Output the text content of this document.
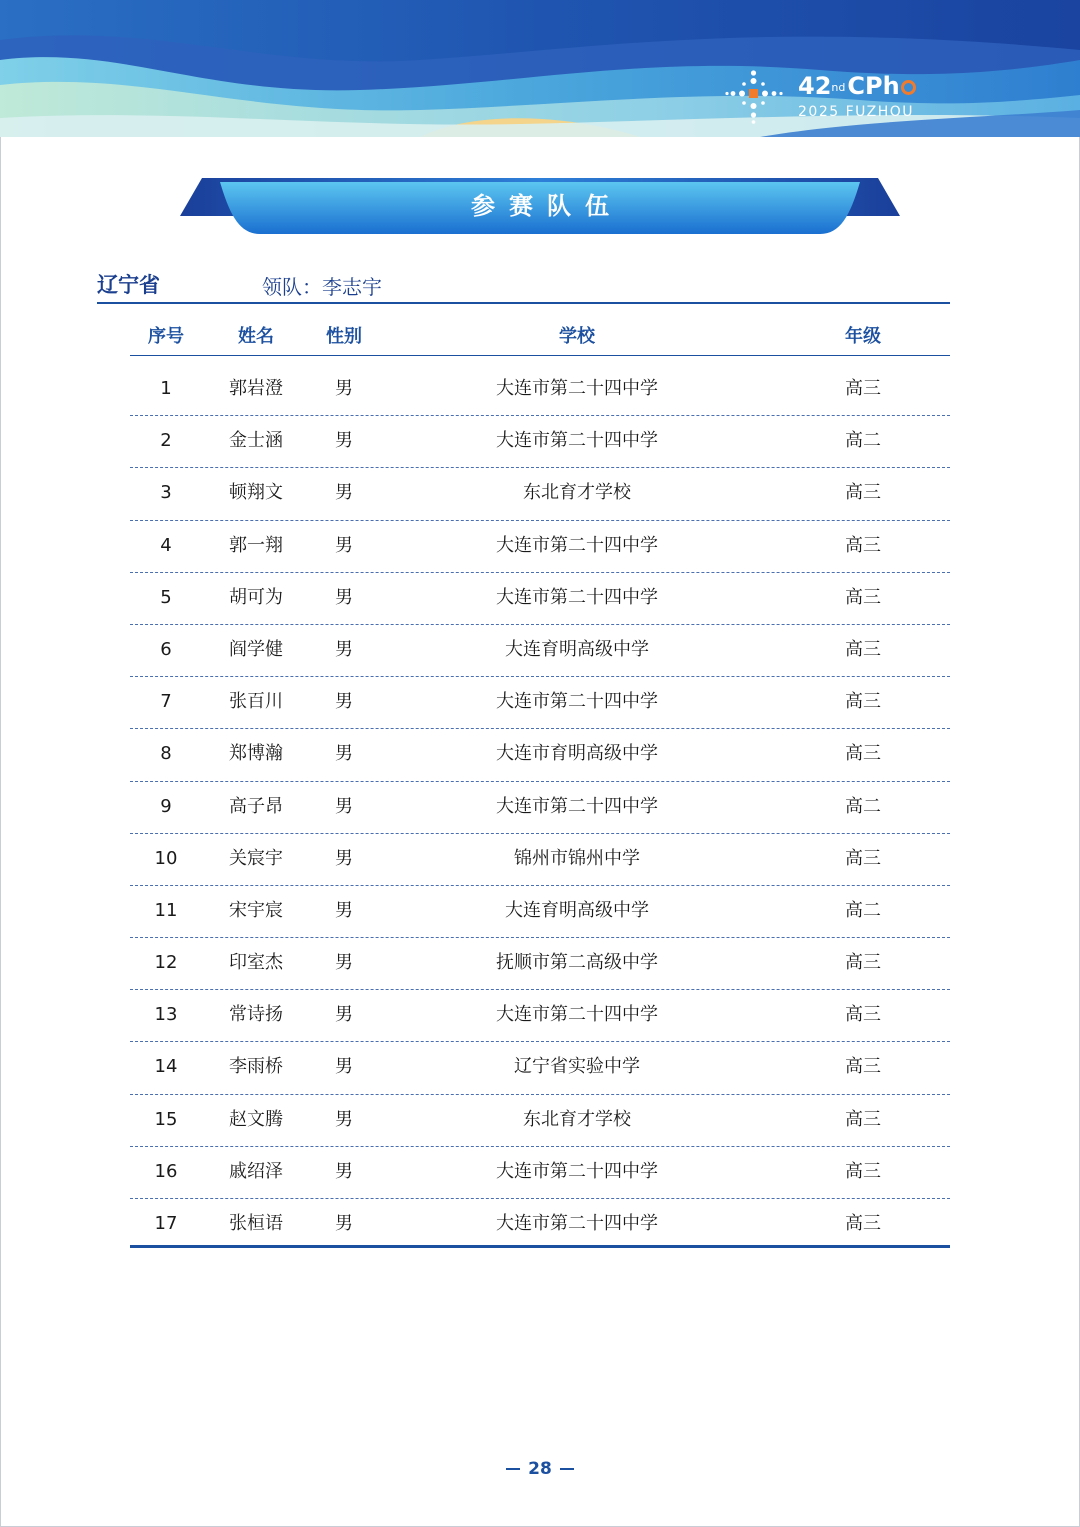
42ndCPh
2025 FUZHOU
参赛队伍
辽宁省	领队：李志宇
序号	姓名	性别	学校	年级
1	郭岩澄	男	大连市第二十四中学	高三
2	金士涵	男	大连市第二十四中学	高二
3	顿翔文	男	东北育才学校	高三
4	郭一翔	男	大连市第二十四中学	高三
5	胡可为	男	大连市第二十四中学	高三
6	阎学健	男	大连育明高级中学	高三
7	张百川	男	大连市第二十四中学	高三
8	郑博瀚	男	大连市育明高级中学	高三
9	高子昂	男	大连市第二十四中学	高二
10	关宸宇	男	锦州市锦州中学	高三
11	宋宇宸	男	大连育明高级中学	高二
12	印室杰	男	抚顺市第二高级中学	高三
13	常诗扬	男	大连市第二十四中学	高三
14	李雨桥	男	辽宁省实验中学	高三
15	赵文腾	男	东北育才学校	高三
16	戚绍泽	男	大连市第二十四中学	高三
17	张桓语	男	大连市第二十四中学	高三
28
